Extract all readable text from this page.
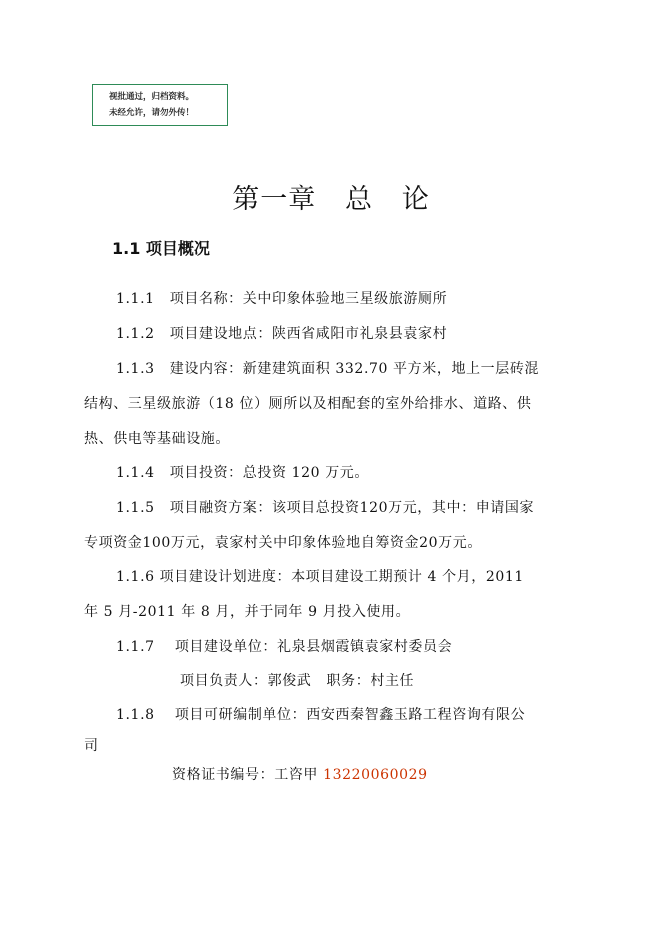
视批通过，归档资料。
未经允许，请勿外传！
第一章   总   论
1.1 项目概况
1.1.1   项目名称：关中印象体验地三星级旅游厕所
1.1.2   项目建设地点：陕西省咸阳市礼泉县袁家村
1.1.3   建设内容：新建建筑面积 332.70 平方米，地上一层砖混
结构、三星级旅游（18 位）厕所以及相配套的室外给排水、道路、供
热、供电等基础设施。
1.1.4   项目投资：总投资 120 万元。
1.1.5   项目融资方案：该项目总投资120万元，其中：申请国家
专项资金100万元，袁家村关中印象体验地自筹资金20万元。
1.1.6 项目建设计划进度：本项目建设工期预计 4 个月，2011
年 5 月-2011 年 8 月，并于同年 9 月投入使用。
1.1.7    项目建设单位：礼泉县烟霞镇袁家村委员会
项目负责人：郭俊武   职务：村主任
1.1.8    项目可研编制单位：西安西秦智鑫玉路工程咨询有限公
司
资格证书编号：工咨甲 13220060029
